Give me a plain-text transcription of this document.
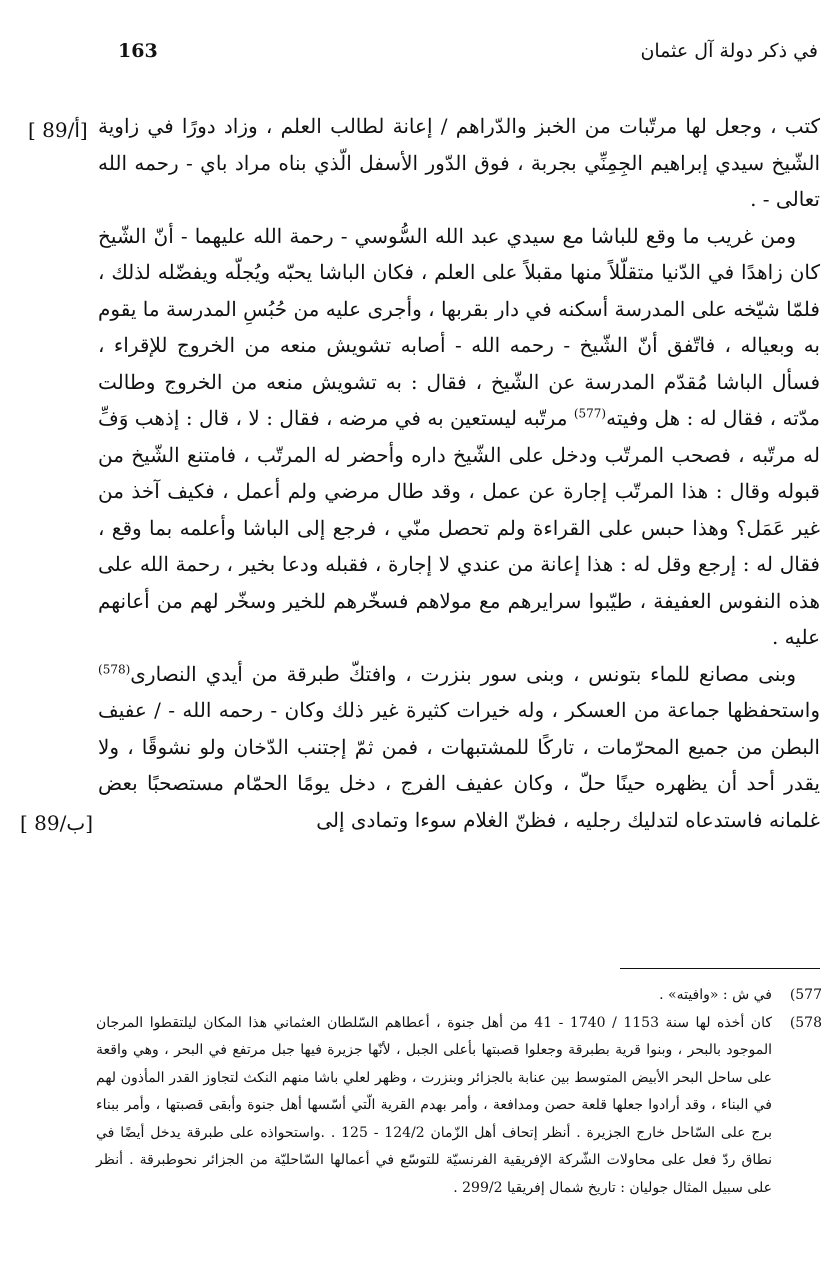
163	في ذكر دولة آل عثمان
[ 89/أ]
[ 89/ب]

كتب ، وجعل لها مرتّبات من الخبز والدّراهم / إعانة لطالب العلم ، وزاد دورًا في زاوية الشّيخ سيدي إبراهيم الجِمِنِّي بجربة ، فوق الدّور الأسفل الّذي بناه مراد باي - رحمه الله تعالى - .

ومن غريب ما وقع للباشا مع سيدي عبد الله السُّوسي - رحمة الله عليهما - أنّ الشّيخ كان زاهدًا في الدّنيا متقلّلاً منها مقبلاً على العلم ، فكان الباشا يحبّه ويُجلّه ويفضّله لذلك ، فلمّا شيّخه على المدرسة أسكنه في دار بقربها ، وأجرى عليه من حُبُسِ المدرسة ما يقوم به وبعياله ، فاتّفق أنّ الشّيخ - رحمه الله - أصابه تشويش منعه من الخروج للإقراء ، فسأل الباشا مُقدّم المدرسة عن الشّيخ ، فقال : به تشويش منعه من الخروج وطالت مدّته ، فقال له : هل وفيته$^{(577)}$ مرتّبه ليستعين به في مرضه ، فقال : لا ، قال : إذهب وَفِّ له مرتّبه ، فصحب المرتّب ودخل على الشّيخ داره وأحضر له المرتّب ، فامتنع الشّيخ من قبوله وقال : هذا المرتّب إجارة عن عمل ، وقد طال مرضي ولم أعمل ، فكيف آخذ من غير عَمَل؟ وهذا حبس على القراءة ولم تحصل منّي ، فرجع إلى الباشا وأعلمه بما وقع ، فقال له : إرجع وقل له : هذا إعانة من عندي لا إجارة ، فقبله ودعا بخير ، رحمة الله على هذه النفوس العفيفة ، طيّبوا سرايرهم مع مولاهم فسخّرهم للخير وسخّر لهم من أعانهم عليه .

وبنى مصانع للماء بتونس ، وبنى سور بنزرت ، وافتكّ طبرقة من أيدي النصارى$^{(578)}$ واستحفظها جماعة من العسكر ، وله خيرات كثيرة غير ذلك وكان - رحمه الله - / عفيف البطن من جميع المحرّمات ، تاركًا للمشتبهات ، فمن ثمّ إجتنب الدّخان ولو نشوقًا ، ولا يقدر أحد أن يظهره حينًا حلّ ، وكان عفيف الفرج ، دخل يومًا الحمّام مستصحبًا بعض غلمانه فاستدعاه لتدليك رجليه ، فظنّ الغلام سوءا وتمادى إلى

(577
في ش : «وافيته» .

(578
كان أخذه لها سنة 1153 / 1740 - 41 من أهل جنوة ، أعطاهم السّلطان العثماني هذا المكان ليلتقطوا المرجان الموجود بالبحر ، وبنوا قرية بطبرقة وجعلوا قصبتها بأعلى الجبل ، لأنّها جزيرة فيها جبل مرتفع في البحر ، وهي واقعة على ساحل البحر الأبيض المتوسط بين عنابة بالجزائر وبنزرت ، وظهر لعلي باشا منهم النكث لتجاوز القدر المأذون لهم في البناء ، وقد أرادوا جعلها قلعة حصن ومدافعة ، وأمر بهدم القرية الّتي أسّسها أهل جنوة وأبقى قصبتها ، وأمر ببناء برج على السّاحل خارج الجزيرة . أنظر إتحاف أهل الزّمان 124/2 - 125 . .واستحواذه على طبرقة يدخل أيضًا في نطاق ردّ فعل على محاولات الشّركة الإفريقية الفرنسيّة للتوسّع في أعمالها السّاحليّة من الجزائر نحوطبرقة . أنظر على سبيل المثال جوليان : تاريخ شمال إفريقيا 299/2 .
